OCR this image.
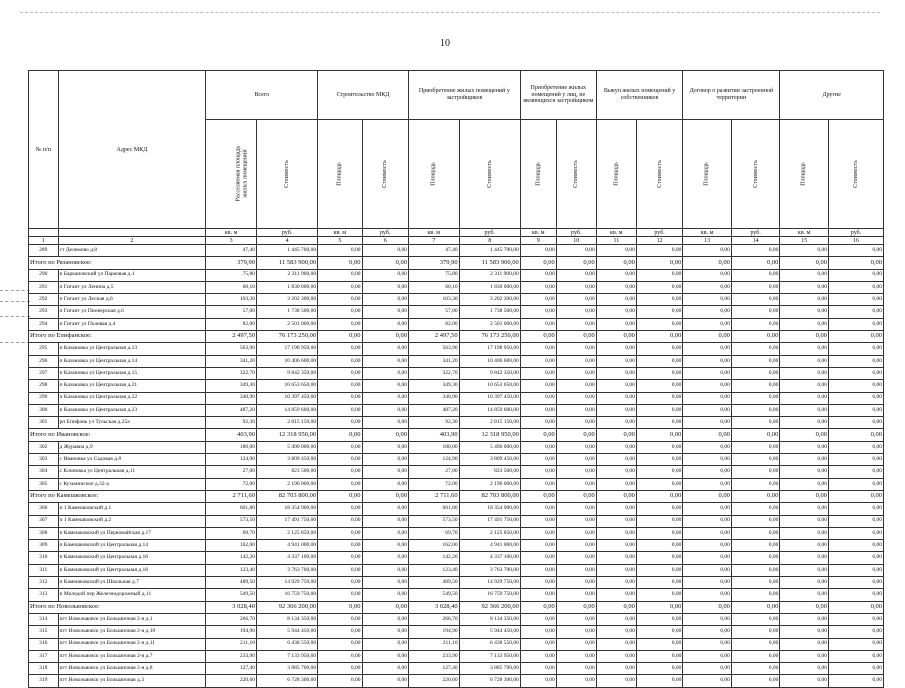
10
№ п/п	Адрес МКД	Всего		Строительство МКД		Приобретение жилых помещений у застройщиков		Приобретение жилых помещений у лиц, не являющихся застройщиком		Выкуп жилых помещений у собственников		Договор о развитии застроенной территории		Другие	
		Расселяемая площадь жилых помещений	Стоимость	Площадь	Стоимость	Площадь	Стоимость	Площадь	Стоимость	Площадь	Стоимость	Площадь	Стоимость	Площадь	Стоимость
		кв. м	руб.	кв. м	руб.	кв. м	руб.	кв. м	руб.	кв. м	руб.	кв. м	руб.	кв. м	руб.
1	2	3	4	5	6	7	8	9	10	11	12	13	14	15	16
289	ст Делемово д.8	47,40	1 445 700,00	0,00	0,00	47,40	1 445 700,00	0,00	0,00	0,00	0,00	0,00	0,00	0,00	0,00
Итого по Рязановское:		379,90	11 583 900,00	0,00	0,00	379,90	11 583 900,00	0,00	0,00	0,00	0,00	0,00	0,00	0,00	0,00
290	п Баркановский ул Парковая д.1	75,80	2 311 900,00	0,00	0,00	75,80	2 311 900,00	0,00	0,00	0,00	0,00	0,00	0,00	0,00	0,00
291	п Гигант ул Ленина д.5	60,10	1 830 000,00	0,00	0,00	60,10	1 830 000,00	0,00	0,00	0,00	0,00	0,00	0,00	0,00	0,00
292	п Гигант ул Лесная д.6	103,30	3 202 300,00	0,00	0,00	103,30	3 202 300,00	0,00	0,00	0,00	0,00	0,00	0,00	0,00	0,00
293	п Гигант ул Пионерская д.6	57,00	1 738 500,00	0,00	0,00	57,00	1 738 500,00	0,00	0,00	0,00	0,00	0,00	0,00	0,00	0,00
294	п Гигант ул Полевая д.4	82,00	2 501 000,00	0,00	0,00	82,00	2 501 000,00	0,00	0,00	0,00	0,00	0,00	0,00	0,00	0,00
Итого по Епифанское:		2 497,50	76 173 250,00	0,00	0,00	2 497,50	76 173 250,00	0,00	0,00	0,00	0,00	0,00	0,00	0,00	0,00
295	п Казановка ул Центральная д.13	563,90	17 198 950,00	0,00	0,00	563,90	17 198 950,00	0,00	0,00	0,00	0,00	0,00	0,00	0,00	0,00
296	п Казановка ул Центральная д.14	341,20	10 406 600,00	0,00	0,00	341,20	10 406 600,00	0,00	0,00	0,00	0,00	0,00	0,00	0,00	0,00
297	п Казановка ул Центральная д.15	322,70	9 842 350,00	0,00	0,00	322,70	9 842 350,00	0,00	0,00	0,00	0,00	0,00	0,00	0,00	0,00
298	п Казановка ул Центральная д.21	349,30	10 653 650,00	0,00	0,00	349,30	10 653 650,00	0,00	0,00	0,00	0,00	0,00	0,00	0,00	0,00
299	п Казановка ул Центральная д.22	340,90	10 397 450,00	0,00	0,00	340,90	10 397 450,00	0,00	0,00	0,00	0,00	0,00	0,00	0,00	0,00
300	п Казановка ул Центральная д.23	487,20	14 859 600,00	0,00	0,00	487,20	14 859 600,00	0,00	0,00	0,00	0,00	0,00	0,00	0,00	0,00
301	рп Епифань ул Тульская д.25а	92,30	2 815 150,00	0,00	0,00	92,30	2 815 150,00	0,00	0,00	0,00	0,00	0,00	0,00	0,00	0,00
Итого по Ивановское:		403,90	12 318 950,00	0,00	0,00	403,90	12 318 950,00	0,00	0,00	0,00	0,00	0,00	0,00	0,00	0,00
302	д Журавна д.9	180,00	5 490 000,00	0,00	0,00	180,00	5 490 000,00	0,00	0,00	0,00	0,00	0,00	0,00	0,00	0,00
303	с Ивановка ул Садовая д.8	124,90	3 809 450,00	0,00	0,00	124,90	3 809 450,00	0,00	0,00	0,00	0,00	0,00	0,00	0,00	0,00
304	с Клиновка ул Центральная д.11	27,00	823 500,00	0,00	0,00	27,00	823 500,00	0,00	0,00	0,00	0,00	0,00	0,00	0,00	0,00
305	с Кузьминское д.32-а	72,00	2 196 000,00	0,00	0,00	72,00	2 196 000,00	0,00	0,00	0,00	0,00	0,00	0,00	0,00	0,00
Итого по Камешковское:		2 711,60	82 703 800,00	0,00	0,00	2 711,60	82 703 800,00	0,00	0,00	0,00	0,00	0,00	0,00	0,00	0,00
306	п 1 Камешковский д.1	601,80	18 354 900,00	0,00	0,00	601,80	18 354 900,00	0,00	0,00	0,00	0,00	0,00	0,00	0,00	0,00
307	п 1 Камешковский д.2	573,50	17 491 750,00	0,00	0,00	573,50	17 491 750,00	0,00	0,00	0,00	0,00	0,00	0,00	0,00	0,00
308	п Камешковский ул Первомайская д.17	69,70	2 125 850,00	0,00	0,00	69,70	2 125 850,00	0,00	0,00	0,00	0,00	0,00	0,00	0,00	0,00
309	п Камешковский ул Центральная д.14	162,00	4 941 000,00	0,00	0,00	162,00	4 941 000,00	0,00	0,00	0,00	0,00	0,00	0,00	0,00	0,00
310	п Камешковский ул Центральная д.16	142,20	4 337 100,00	0,00	0,00	142,20	4 337 100,00	0,00	0,00	0,00	0,00	0,00	0,00	0,00	0,00
311	п Камешковский ул Центральная д.18	123,40	3 763 700,00	0,00	0,00	123,40	3 763 700,00	0,00	0,00	0,00	0,00	0,00	0,00	0,00	0,00
312	п Камешковский ул Школьная д.7	489,50	14 929 750,00	0,00	0,00	489,50	14 929 750,00	0,00	0,00	0,00	0,00	0,00	0,00	0,00	0,00
313	п Молодой пер Железнодорожный д.11	549,50	16 759 750,00	0,00	0,00	549,50	16 759 750,00	0,00	0,00	0,00	0,00	0,00	0,00	0,00	0,00
Итого по Новольвовское:		3 028,40	92 366 200,00	0,00	0,00	3 028,40	92 366 200,00	0,00	0,00	0,00	0,00	0,00	0,00	0,00	0,00
314	пгт Новольвовск ул Большичная 2-я д.1	266,70	8 134 350,00	0,00	0,00	266,70	8 134 350,00	0,00	0,00	0,00	0,00	0,00	0,00	0,00	0,00
315	пгт Новольвовск ул Большичная 2-я д.10	194,90	5 944 450,00	0,00	0,00	194,90	5 944 450,00	0,00	0,00	0,00	0,00	0,00	0,00	0,00	0,00
316	пгт Новольвовск ул Большичная 2-я д.11	211,10	6 438 550,00	0,00	0,00	211,10	6 438 550,00	0,00	0,00	0,00	0,00	0,00	0,00	0,00	0,00
317	пгт Новольвовск ул Большичная 2-я д.7	233,90	7 133 950,00	0,00	0,00	233,90	7 133 950,00	0,00	0,00	0,00	0,00	0,00	0,00	0,00	0,00
318	пгт Новольвовск ул Большичная 2-я д.8	127,40	3 885 700,00	0,00	0,00	127,40	3 885 700,00	0,00	0,00	0,00	0,00	0,00	0,00	0,00	0,00
319	пгт Новольвовск ул Большичная д.3	220,60	6 728 300,00	0,00	0,00	220,60	6 728 300,00	0,00	0,00	0,00	0,00	0,00	0,00	0,00	0,00
